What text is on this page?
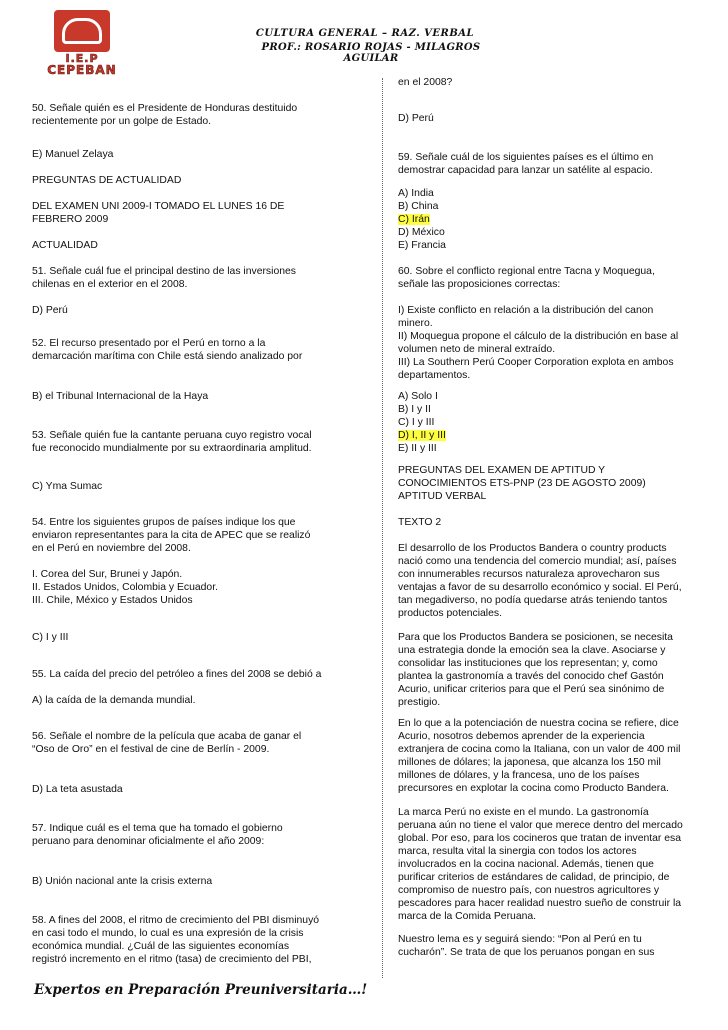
I.E.P
CEPEBAN
CULTURA GENERAL – RAZ. VERBAL
PROF.: ROSARIO ROJAS - MILAGROS AGUILAR
50. Señale quién es el Presidente de Honduras destituido
recientemente por un golpe de Estado.
E) Manuel Zelaya
PREGUNTAS DE ACTUALIDAD
DEL EXAMEN UNI 2009-I TOMADO EL LUNES 16 DE
FEBRERO 2009
ACTUALIDAD
51. Señale cuál fue el principal destino de las inversiones
chilenas en el exterior en el 2008.
D) Perú
52. El recurso presentado por el Perú en torno a la
demarcación marítima con Chile está siendo analizado por
B) el Tribunal Internacional de la Haya
53. Señale quién fue la cantante peruana cuyo registro vocal
fue reconocido mundialmente por su extraordinaria amplitud.
C) Yma Sumac
54. Entre los siguientes grupos de países indique los que
enviaron representantes para la cita de APEC que se realizó
en el Perú en noviembre del 2008.
I. Corea del Sur, Brunei y Japón.
II. Estados Unidos, Colombia y Ecuador.
III. Chile, México y Estados Unidos
C) I y III
55. La caída del precio del petróleo a fines del 2008 se debió a
A) la caída de la demanda mundial.
56. Señale el nombre de la película que acaba de ganar el
“Oso de Oro” en el festival de cine de Berlín - 2009.
D) La teta asustada
57. Indique cuál es el tema que ha tomado el gobierno
peruano para denominar oficialmente el año 2009:
B) Unión nacional ante la crisis externa
58. A fines del 2008, el ritmo de crecimiento del PBI disminuyó
en casi todo el mundo, lo cual es una expresión de la crisis
económica mundial. ¿Cuál de las siguientes economías
registró incremento en el ritmo (tasa) de crecimiento del PBI,
en el 2008?
D) Perú
59. Señale cuál de los siguientes países es el último en
demostrar capacidad para lanzar un satélite al espacio.
A) India
B) China
C) Irán
D) México
E) Francia
60. Sobre el conflicto regional entre Tacna y Moquegua,
señale las proposiciones correctas:
I) Existe conflicto en relación a la distribución del canon
minero.
II) Moquegua propone el cálculo de la distribución en base al
volumen neto de mineral extraído.
III) La Southern Perú Cooper Corporation explota en ambos
departamentos.
A) Solo I
B) I y II
C) I y III
D) I, II y III
E) II y III
PREGUNTAS DEL EXAMEN DE APTITUD Y
CONOCIMIENTOS ETS-PNP (23 DE AGOSTO 2009)
APTITUD VERBAL
TEXTO 2
El desarrollo de los Productos Bandera o country products
nació como una tendencia del comercio mundial; así, países
con innumerables recursos naturaleza aprovecharon sus
ventajas a favor de su desarrollo económico y social. El Perú,
tan megadiverso, no podía quedarse atrás teniendo tantos
productos potenciales.
Para que los Productos Bandera se posicionen, se necesita
una estrategia donde la emoción sea la clave. Asociarse y
consolidar las instituciones que los representan; y, como
plantea la gastronomía a través del conocido chef Gastón
Acurio, unificar criterios para que el Perú sea sinónimo de
prestigio.
En lo que a la potenciación de nuestra cocina se refiere, dice
Acurio, nosotros debemos aprender de la experiencia
extranjera de cocina como la Italiana, con un valor de 400 mil
millones de dólares; la japonesa, que alcanza los 150 mil
millones de dólares, y la francesa, uno de los países
precursores en explotar la cocina como Producto Bandera.
La marca Perú no existe en el mundo. La gastronomía
peruana aún no tiene el valor que merece dentro del mercado
global. Por eso, para los cocineros que tratan de inventar esa
marca, resulta vital la sinergia con todos los actores
involucrados en la cocina nacional. Además, tienen que
purificar criterios de estándares de calidad, de principio, de
compromiso de nuestro país, con nuestros agricultores y
pescadores para hacer realidad nuestro sueño de construir la
marca de la Comida Peruana.
Nuestro lema es y seguirá siendo: “Pon al Perú en tu
cucharón”. Se trata de que los peruanos pongan en sus
Expertos en Preparación Preuniversitaria…!
